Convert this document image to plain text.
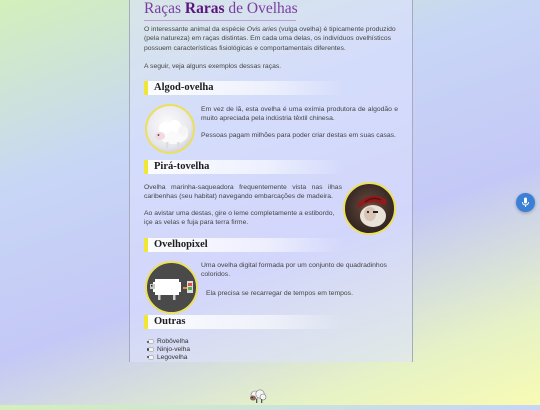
Raças Raras de Ovelhas
O interessante animal da espécie Ovis aries (vulga ovelha) é tipicamente produzido (pela natureza) em raças distintas. Em cada uma delas, os indivíduos ovelhísticos possuem características fisiológicas e comportamentais diferentes.
A seguir, veja alguns exemplos dessas raças.
Algod-ovelha
Em vez de lã, esta ovelha é uma exímia produtora de algodão e muito apreciada pela indústria têxtil chinesa.
Pessoas pagam milhões para poder criar destas em suas casas.
Pirá-tovelha
Ovelha marinha-saqueadora frequentemente vista nas ilhas caribenhas (seu habitat) navegando embarcações de madeira.
Ao avistar uma destas, gire o leme completamente a estibordo, içe as velas e fuja para terra firme.
Ovelhopixel
Uma ovelha digital formada por um conjunto de quadradinhos coloridos.
Ela precisa se recarregar de tempos em tempos.
Outras
Robôvelha
Ninjo-velha
Legovelha
